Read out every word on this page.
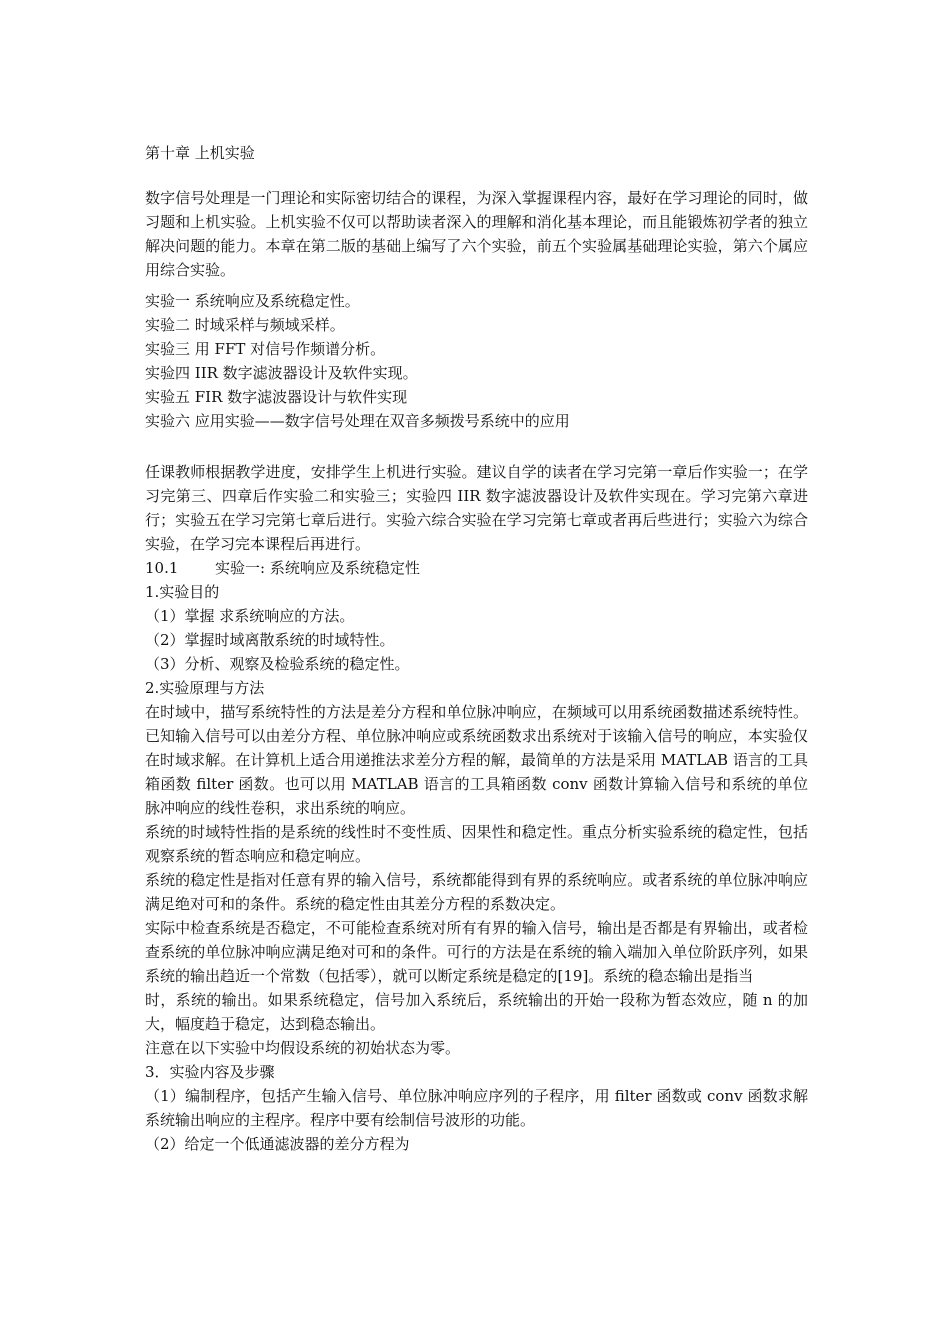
第十章 上机实验

数字信号处理是一门理论和实际密切结合的课程，为深入掌握课程内容，最好在学习理论的同时，做习题和上机实验。上机实验不仅可以帮助读者深入的理解和消化基本理论，而且能锻炼初学者的独立解决问题的能力。本章在第二版的基础上编写了六个实验，前五个实验属基础理论实验，第六个属应用综合实验。

实验一 系统响应及系统稳定性。

实验二 时域采样与频域采样。

实验三 用 FFT 对信号作频谱分析。

实验四 IIR 数字滤波器设计及软件实现。

实验五 FIR 数字滤波器设计与软件实现

实验六 应用实验——数字信号处理在双音多频拨号系统中的应用

任课教师根据教学进度，安排学生上机进行实验。建议自学的读者在学习完第一章后作实验一；在学习完第三、四章后作实验二和实验三；实验四 IIR 数字滤波器设计及软件实现在。学习完第六章进行；实验五在学习完第七章后进行。实验六综合实验在学习完第七章或者再后些进行；实验六为综合实验，在学习完本课程后再进行。

10.1 实验一: 系统响应及系统稳定性

1.实验目的

（1）掌握 求系统响应的方法。

（2）掌握时域离散系统的时域特性。

（3）分析、观察及检验系统的稳定性。

2.实验原理与方法

在时域中，描写系统特性的方法是差分方程和单位脉冲响应，在频域可以用系统函数描述系统特性。已知输入信号可以由差分方程、单位脉冲响应或系统函数求出系统对于该输入信号的响应，本实验仅在时域求解。在计算机上适合用递推法求差分方程的解，最简单的方法是采用 MATLAB 语言的工具箱函数 filter 函数。也可以用 MATLAB 语言的工具箱函数 conv 函数计算输入信号和系统的单位脉冲响应的线性卷积，求出系统的响应。

系统的时域特性指的是系统的线性时不变性质、因果性和稳定性。重点分析实验系统的稳定性，包括观察系统的暂态响应和稳定响应。

系统的稳定性是指对任意有界的输入信号，系统都能得到有界的系统响应。或者系统的单位脉冲响应满足绝对可和的条件。系统的稳定性由其差分方程的系数决定。

实际中检查系统是否稳定，不可能检查系统对所有有界的输入信号，输出是否都是有界输出，或者检查系统的单位脉冲响应满足绝对可和的条件。可行的方法是在系统的输入端加入单位阶跃序列，如果系统的输出趋近一个常数（包括零），就可以断定系统是稳定的[19]。系统的稳态输出是指当

时，系统的输出。如果系统稳定，信号加入系统后，系统输出的开始一段称为暂态效应，随 n 的加大，幅度趋于稳定，达到稳态输出。

注意在以下实验中均假设系统的初始状态为零。

3．实验内容及步骤

（1）编制程序，包括产生输入信号、单位脉冲响应序列的子程序，用 filter 函数或 conv 函数求解系统输出响应的主程序。程序中要有绘制信号波形的功能。

（2）给定一个低通滤波器的差分方程为
